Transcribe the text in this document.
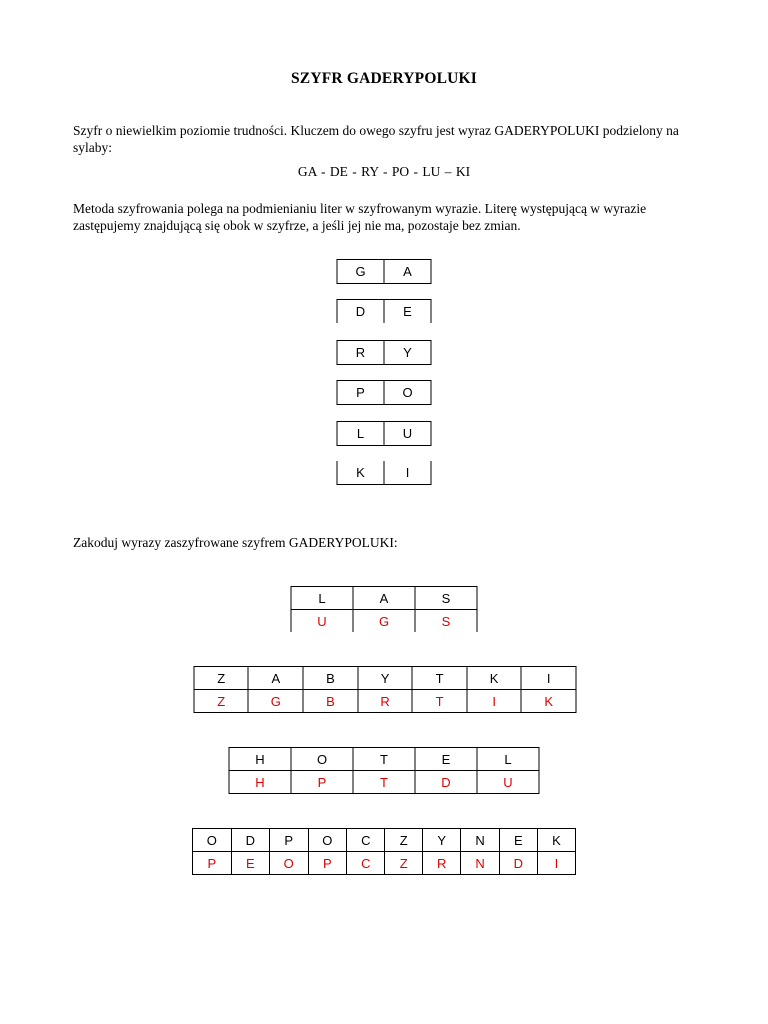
SZYFR GADERYPOLUKI
Szyfr o niewielkim poziomie trudności. Kluczem do owego szyfru jest wyraz GADERYPOLUKI podzielony na sylaby:
GA - DE - RY - PO - LU – KI
Metoda szyfrowania polega na podmienianiu liter w szyfrowanym wyrazie. Literę występującą w wyrazie zastępujemy znajdującą się obok w szyfrze, a jeśli jej nie ma, pozostaje bez zmian.
G	A
D	E
R	Y
P	O
L	U
K	I
Zakoduj wyrazy zaszyfrowane szyfrem GADERYPOLUKI:
L	A	S
U	G	S
Z	A	B	Y	T	K	I
Z	G	B	R	T	I	K
H	O	T	E	L
H	P	T	D	U
O	D	P	O	C	Z	Y	N	E	K
P	E	O	P	C	Z	R	N	D	I
